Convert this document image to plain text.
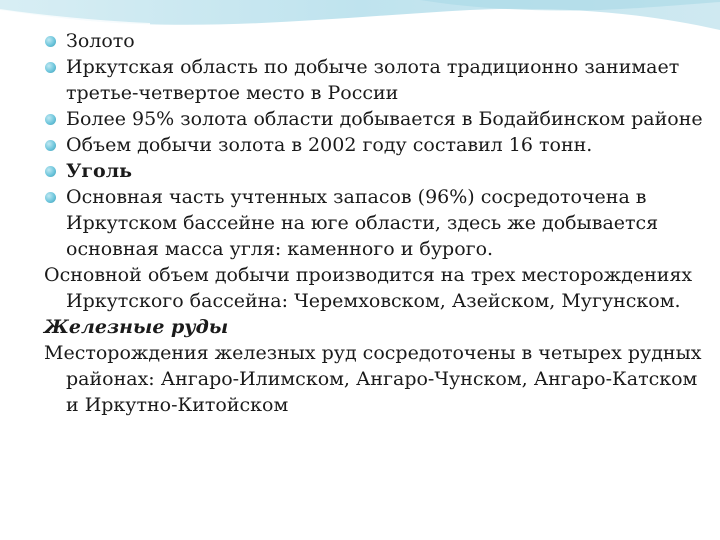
Золото
Иркутская область по добыче золота традиционно занимает третье-четвертое место в России
Более 95% золота области добывается в Бодайбинском районе
Объем добычи золота в 2002 году составил 16 тонн.
Уголь
Основная часть учтенных запасов (96%) сосредоточена в Иркутском бассейне на юге области, здесь же добывается основная масса угля: каменного и бурого.

Основной объем добычи производится на трех месторождениях Иркутского бассейна: Черемховском, Азейском, Мугунском.

Железные руды

Месторождения железных руд сосредоточены в четырех рудных районах: Ангаро-Илимском, Ангаро-Чунском, Ангаро-Катском и Иркутно-Китойском
